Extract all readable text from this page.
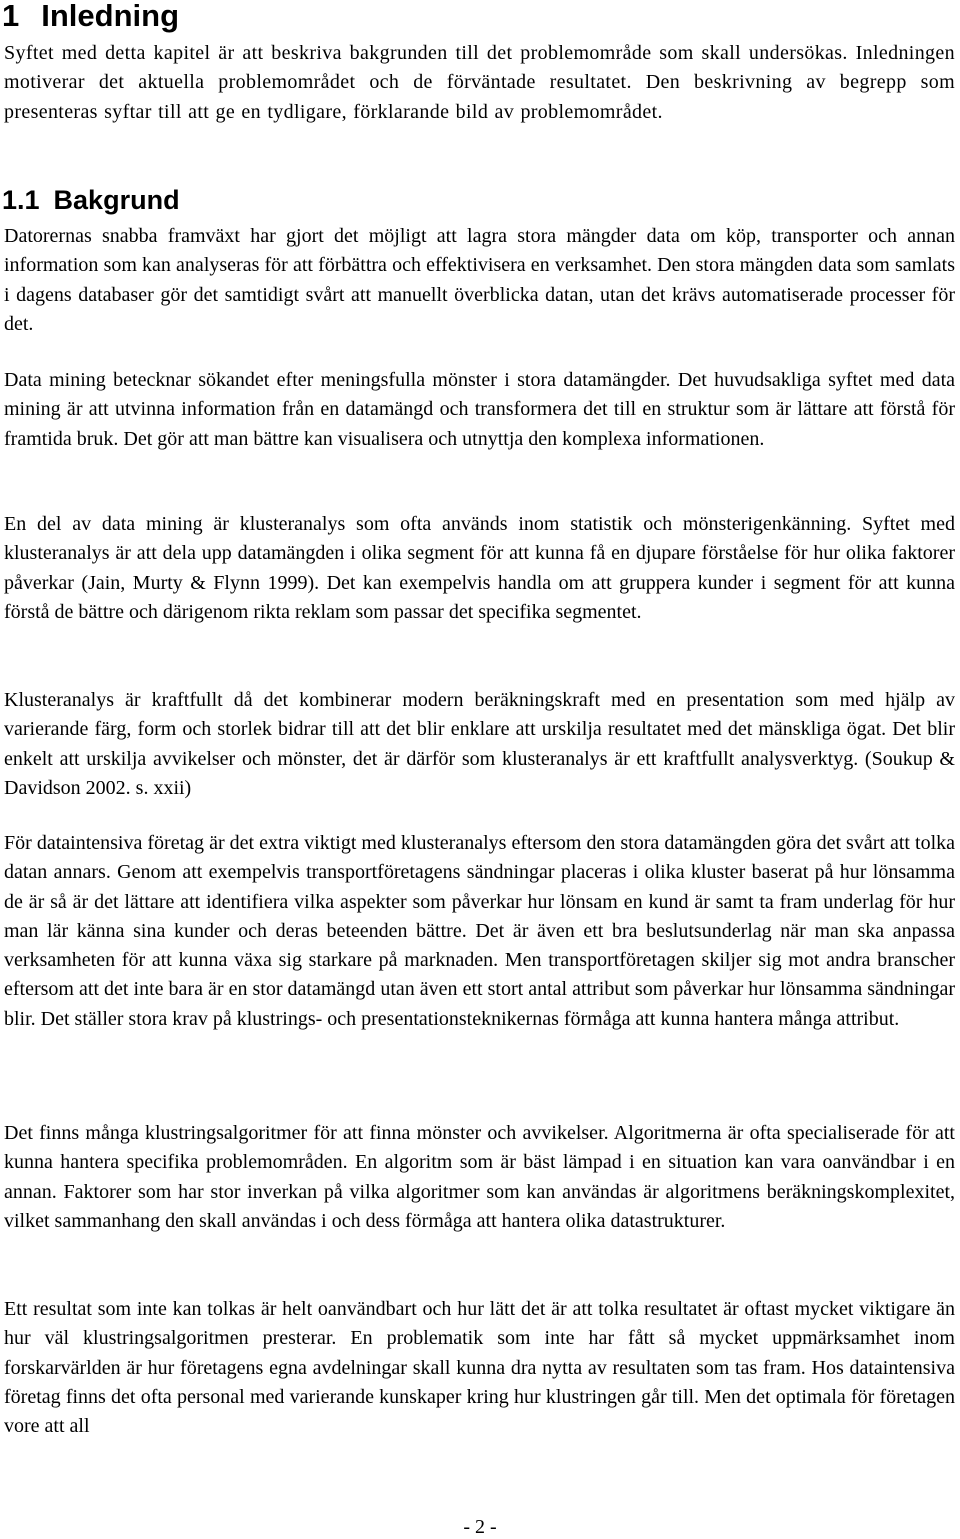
1 Inledning

Syftet med detta kapitel är att beskriva bakgrunden till det problemområde som skall undersökas. Inledningen motiverar det aktuella problemområdet och de förväntade resultatet. Den beskrivning av begrepp som presenteras syftar till att ge en tydligare, förklarande bild av problemområdet.

1.1 Bakgrund

Datorernas snabba framväxt har gjort det möjligt att lagra stora mängder data om köp, transporter och annan information som kan analyseras för att förbättra och effektivisera en verksamhet. Den stora mängden data som samlats i dagens databaser gör det samtidigt svårt att manuellt överblicka datan, utan det krävs automatiserade processer för det.

Data mining betecknar sökandet efter meningsfulla mönster i stora datamängder. Det huvudsakliga syftet med data mining är att utvinna information från en datamängd och transformera det till en struktur som är lättare att förstå för framtida bruk. Det gör att man bättre kan visualisera och utnyttja den komplexa informationen.

En del av data mining är klusteranalys som ofta används inom statistik och mönsterigenkänning. Syftet med klusteranalys är att dela upp datamängden i olika segment för att kunna få en djupare förståelse för hur olika faktorer påverkar (Jain, Murty & Flynn 1999). Det kan exempelvis handla om att gruppera kunder i segment för att kunna förstå de bättre och därigenom rikta reklam som passar det specifika segmentet.

Klusteranalys är kraftfullt då det kombinerar modern beräkningskraft med en presentation som med hjälp av varierande färg, form och storlek bidrar till att det blir enklare att urskilja resultatet med det mänskliga ögat. Det blir enkelt att urskilja avvikelser och mönster, det är därför som klusteranalys är ett kraftfullt analysverktyg. (Soukup & Davidson 2002. s. xxii)

För dataintensiva företag är det extra viktigt med klusteranalys eftersom den stora datamängden göra det svårt att tolka datan annars. Genom att exempelvis transportföretagens sändningar placeras i olika kluster baserat på hur lönsamma de är så är det lättare att identifiera vilka aspekter som påverkar hur lönsam en kund är samt ta fram underlag för hur man lär känna sina kunder och deras beteenden bättre. Det är även ett bra beslutsunderlag när man ska anpassa verksamheten för att kunna växa sig starkare på marknaden. Men transportföretagen skiljer sig mot andra branscher eftersom att det inte bara är en stor datamängd utan även ett stort antal attribut som påverkar hur lönsamma sändningar blir. Det ställer stora krav på klustrings- och presentationsteknikernas förmåga att kunna hantera många attribut.

Det finns många klustringsalgoritmer för att finna mönster och avvikelser. Algoritmerna är ofta specialiserade för att kunna hantera specifika problemområden. En algoritm som är bäst lämpad i en situation kan vara oanvändbar i en annan. Faktorer som har stor inverkan på vilka algoritmer som kan användas är algoritmens beräkningskomplexitet, vilket sammanhang den skall användas i och dess förmåga att hantera olika datastrukturer.

Ett resultat som inte kan tolkas är helt oanvändbart och hur lätt det är att tolka resultatet är oftast mycket viktigare än hur väl klustringsalgoritmen presterar. En problematik som inte har fått så mycket uppmärksamhet inom forskarvärlden är hur företagens egna avdelningar skall kunna dra nytta av resultaten som tas fram. Hos dataintensiva företag finns det ofta personal med varierande kunskaper kring hur klustringen går till. Men det optimala för företagen vore att all

- 2 -
